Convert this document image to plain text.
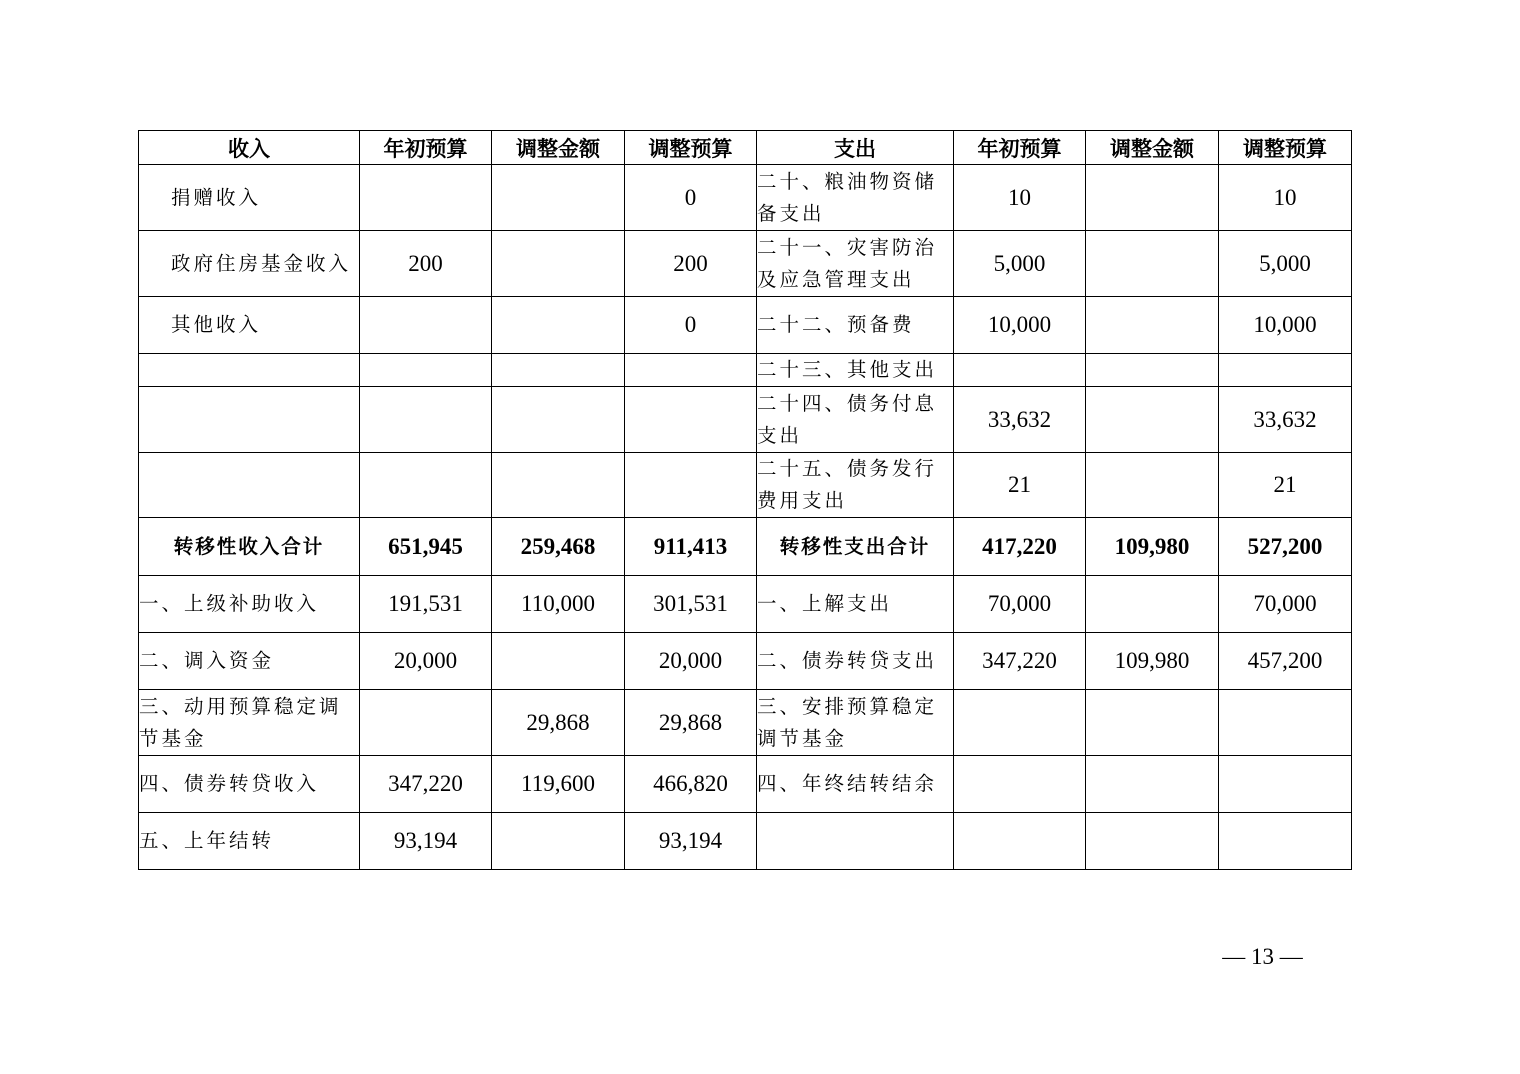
收入	年初预算	调整金额	调整预算	支出	年初预算	调整金额	调整预算
捐赠收入			0	二十、粮油物资储备支出	10		10
政府住房基金收入	200		200	二十一、灾害防治及应急管理支出	5,000		5,000
其他收入			0	二十二、预备费	10,000		10,000
				二十三、其他支出			
				二十四、债务付息支出	33,632		33,632
				二十五、债务发行费用支出	21		21
转移性收入合计	651,945	259,468	911,413	转移性支出合计	417,220	109,980	527,200
一、上级补助收入	191,531	110,000	301,531	一、上解支出	70,000		70,000
二、调入资金	20,000		20,000	二、债券转贷支出	347,220	109,980	457,200
三、动用预算稳定调节基金		29,868	29,868	三、安排预算稳定调节基金			
四、债券转贷收入	347,220	119,600	466,820	四、年终结转结余			
五、上年结转	93,194		93,194				
— 13 —
